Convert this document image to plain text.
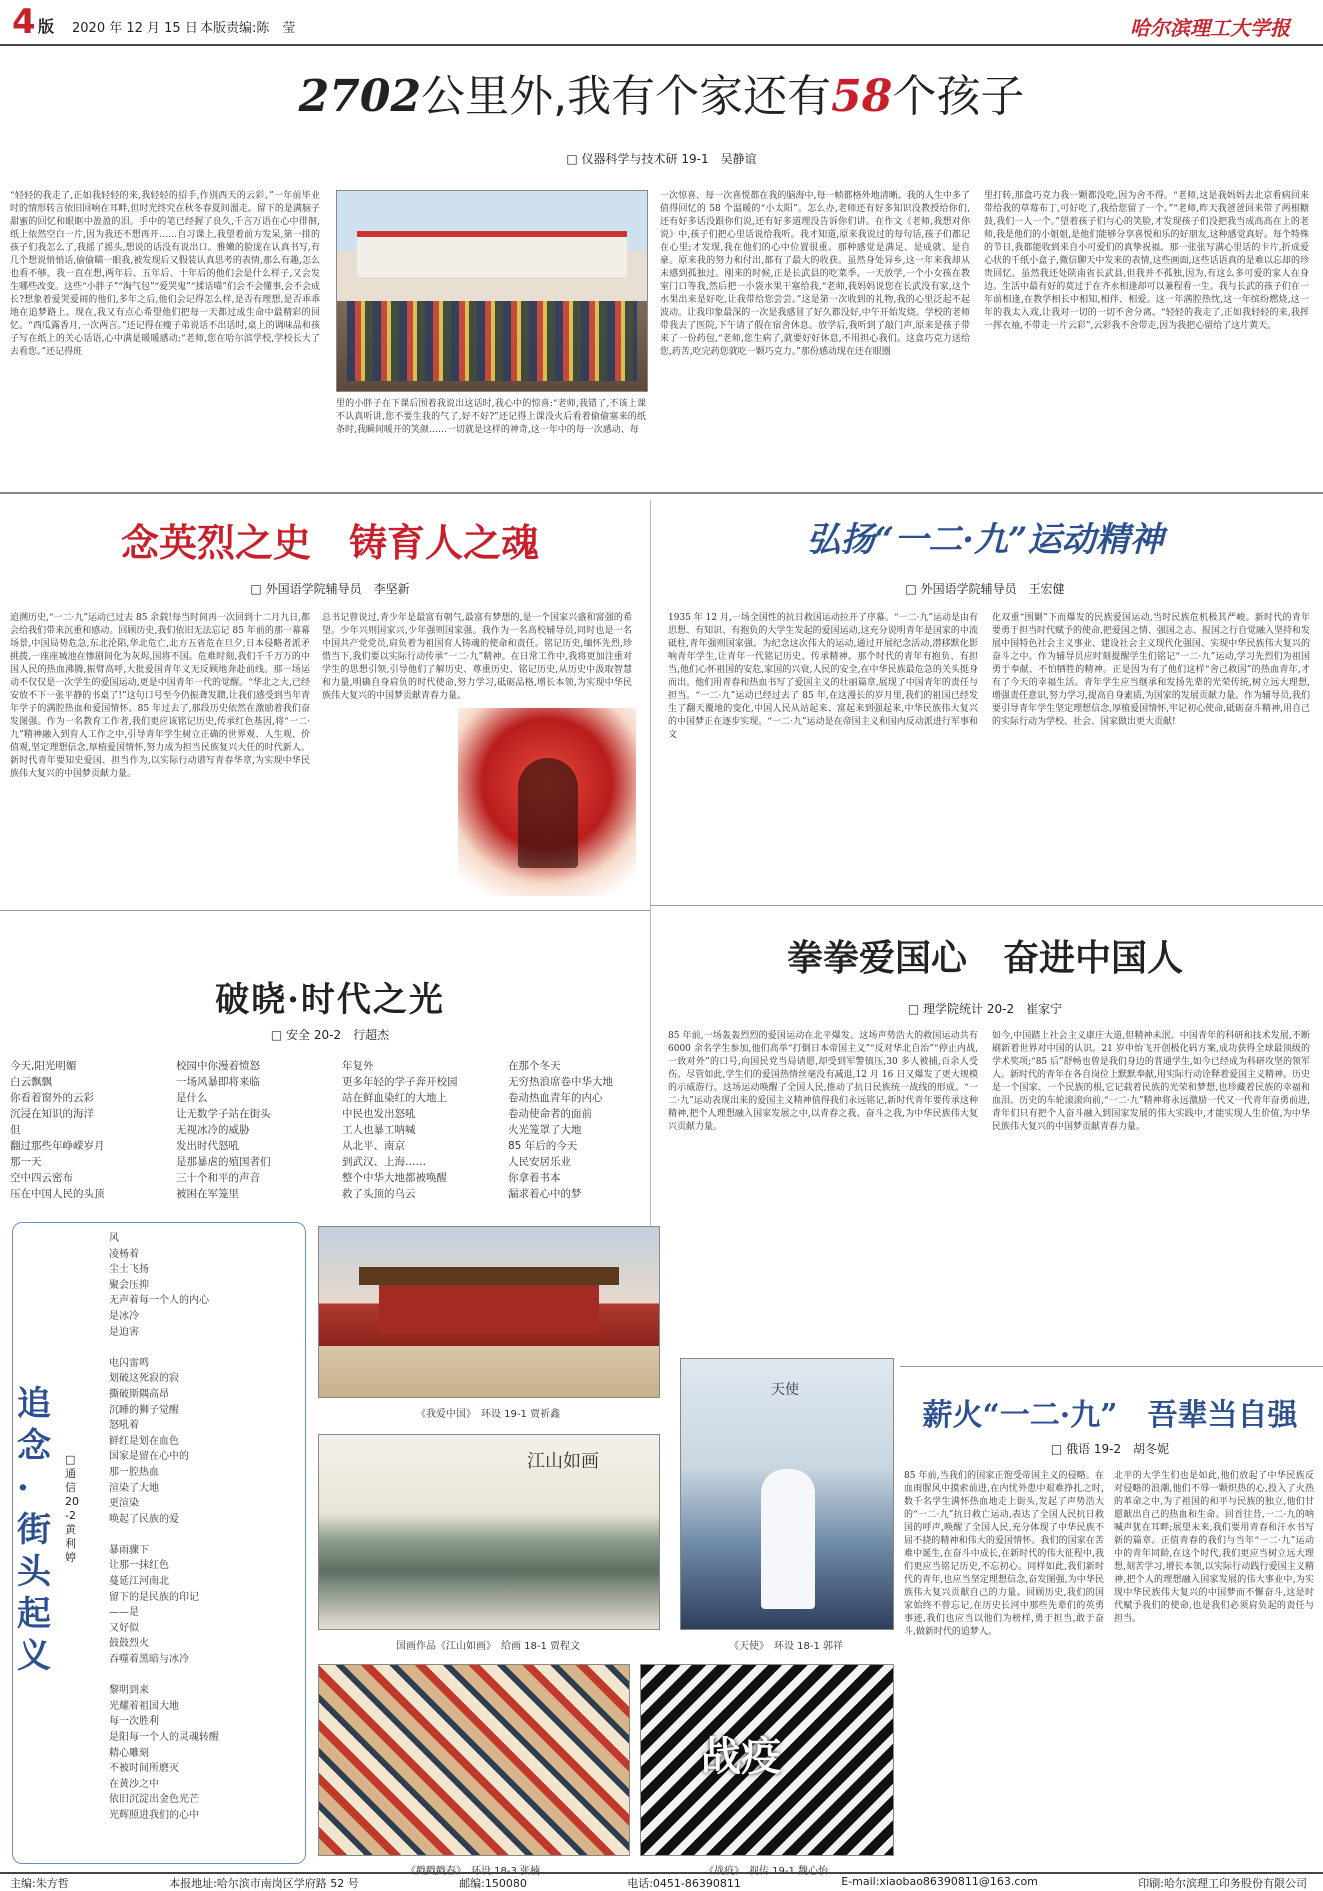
4 版 2020 年 12 月 15 日 本版责编:陈　莹	哈尔滨理工大学报
2702公里外,我有个家还有58个孩子
□ 仪器科学与技术研 19-1　吴静谊
“轻轻的我走了,正如我轻轻的来,我轻轻的招手,作别西天的云彩。”一年前毕业时的情形转言依旧回响在耳畔,但时光终究在秋冬春夏间溜走。留下的是满脑子甜蜜的回忆和眼眶中盈盈的泪。手中的笔已经握了良久,千言万语在心中徘徊,纸上依然空白一片,因为我还不想再开……自习课上,我望着前方发呆,第一排的孩子们我怎么了,我摇了摇头,想说的话没有说出口。雅嫩的脸庞在认真书写,有几个想说悄悄话,偷偷瞄一眼我,被发现后又假装认真思考的表情,那么有趣,怎么也看不够。我一直在想,两年后、五年后、十年后的他们会是什么样子,又会发生哪些改变。这些“小胖子”“淘气包”“爱哭鬼”“揉话喵”们会不会懂事,会不会成长?想象着爱哭爱闹的他们,多年之后,他们会记得怎么样,是否有理想,是否乖乖地在追梦路上。现在,我又有点心希望他们把每一天都过成生命中最精彩的回忆。“西瓜露香月,一次两言。”还记得在瘦子弟说话不出话时,桌上的调味品和孩子写在纸上的关心话语,心中满是暖暖感动;“老师,您在哈尔滨学校,学校长大了去看您。”还记得班
里的小胖子在下课后围着我说出这话时,我心中的惊喜:“老师,我错了,不该上课不认真听讲,您不要生我的气了,好不好?”还记得上课没火后看着偷偷塞来的纸条时,我瞬间暖开的笑颜……一切就是这样的神奇,这一年中的每一次感动、每
一次惊喜、每一次喜悦都在我的脑海中,每一帧都格外地清晰。我的人生中多了值得回忆的 58 个温暖的“小太阳”。怎么办,老师还有好多知识没教授给你们,还有好多话没跟你们说,还有好多道理没告诉你们讲。在作文《老师,我想对你说》中,孩子们把心里话说给我听。我才知道,原来我说过的每句话,孩子们都记在心里;才发现,我在他们的心中位置很重。那种感觉是满足、是成就、是自豪。原来我的努力和付出,都有了最大的收获。虽然身处异乡,这一年来我却从未感到孤独过。刚来的时候,正是长武县的吃菜季。一天放学,一个小女孩在教室门口等我,然后把一小袋水果干塞给我,“老师,我妈妈说您在长武没有家,这个水果出来是好吃,让我带给您尝尝。”这是第一次收到的礼物,我的心里泛起不起波动。让我印象最深的一次是我感冒了好久都没好,中午开始发烧。学校的老师带我去了医院,下午请了假在宿舍休息。放学后,我听到了敲门声,原来是孩子带来了一份药包,“老师,您生病了,就要好好休息,不用担心我们。这盒巧克力送给您,药苦,吃完药您就吃一颗巧克力。”那份感动现在还在眼圈
里打转,那盒巧克力我一颗都没吃,因为舍不得。“老师,这是我妈妈去北京看病回来带给我的草莓布丁,可好吃了,我给您留了一个。”“老师,昨天我爸爸回来带了两根糖鼓,我们一人一个。”望着孩子们与心的笑脸,才发现孩子们没把我当成高高在上的老师,我是他们的小姐姐,是他们能够分享喜悦和乐的好朋友,这种感觉真好。每个特殊的节日,我都能收到来自小可爱们的真挚祝福。那一张张写满心里话的卡片,折成爱心状的千纸小盒子,微信聊天中发来的表情,这些画面,这些话语真的是难以忘却的珍贵回忆。虽然我还处陕南省长武县,但我并不孤独,因为,有这么多可爱的家人在身边。生活中最有好的莫过于在齐水相逢却可以兼程看一生。我与长武的孩子们在一年前相逢,在教学相长中相知,相伴、相爱。这一年满腔热忱,这一年缤纷燃烧,这一年的我太入戏,让我对一切的一切不舍分离。“轻轻的我走了,正如我轻轻的来,我挥一挥衣袖,不带走一片云彩”,云彩我不舍带走,因为我把心留给了这片黄天。
念英烈之史　铸育人之魂
□ 外国语学院辅导员　李坚新
追溯历史,“一二·九”运动已过去 85 余载!每当时间再一次回到十二月九日,都会给我们带来沉重和感动。回顾历史,我们依旧无法忘记 85 年前的那一幕幕场景,中国局势危急,东北沦陷,华北危亡,北方五省危在旦夕,日本侵略者派矛挑拨,一座座城池在惨剧间化为灰烬,国将不国。危难时刻,我们千千万万的中国人民的热血沸腾,振臂高呼,大批爱国青年义无反顾地奔赴前线。那一场运动不仅仅是一次学生的爱国运动,更是中国青年一代的觉醒。“华北之大,已经安放不下一张平静的书桌了!”这句口号至今仍振聋发聩,让我们感受到当年青年学子的满腔热血和爱国情怀。85 年过去了,那段历史依然在激励着我们奋发图强。作为一名教育工作者,我们更应该铭记历史,传承红色基因,将“一二·九”精神融入到育人工作之中,引导青年学生树立正确的世界观、人生观、价值观,坚定理想信念,厚植爱国情怀,努力成为担当民族复兴大任的时代新人。新时代青年要知史爱国、担当作为,以实际行动谱写青春华章,为实现中华民族伟大复兴的中国梦贡献力量。
总书记曾说过,青少年是最富有朝气,最富有梦想的,是一个国家兴盛和富强的希望。少年兴则国家兴,少年强则国家强。我作为一名高校辅导员,同时也是一名中国共产党党员,肩负着为祖国育人铸魂的使命和责任。铭记历史,缅怀先烈,珍惜当下,我们要以实际行动传承“一二·九”精神。在日常工作中,我将更加注重对学生的思想引领,引导他们了解历史、尊重历史、铭记历史,从历史中汲取智慧和力量,明确自身肩负的时代使命,努力学习,砥砺品格,增长本领,为实现中华民族伟大复兴的中国梦贡献青春力量。
弘扬“一二·九”运动精神
□ 外国语学院辅导员　王宏健
1935 年 12 月,一场全国性的抗日救国运动拉开了序幕。“一二·九”运动是由有思想、有知识、有抱负的大学生发起的爱国运动,这充分说明青年是国家的中流砥柱,青年强则国家强。为纪念这次伟大的运动,通过开展纪念活动,潜移默化影响青年学生,让青年一代铭记历史、传承精神。那个时代的青年有抱负、有担当,他们心怀祖国的安危,家国的兴衰,人民的安全,在中华民族最危急的关头挺身而出。他们用青春和热血书写了爱国主义的壮丽篇章,展现了中国青年的责任与担当。“一二·九”运动已经过去了 85 年,在这漫长的岁月里,我们的祖国已经发生了翻天覆地的变化,中国人民从站起来、富起来到强起来,中华民族伟大复兴的中国梦正在逐步实现。“一二·九”运动是在帝国主义和国内反动派进行军事和文
化双重“围剿”下而爆发的民族爱国运动,当时民族危机极其严峻。新时代的青年要勇于担当时代赋予的使命,把爱国之情、强国之志、报国之行自觉融入坚持和发展中国特色社会主义事业、建设社会主义现代化强国、实现中华民族伟大复兴的奋斗之中。作为辅导员应时刻提醒学生们铭记“一二·九”运动,学习先烈们为祖国勇于奉献、不怕牺牲的精神。正是因为有了他们这样“舍己救国”的热血青年,才有了今天的幸福生活。青年学生应当继承和发扬先辈的光荣传统,树立远大理想,增强责任意识,努力学习,提高自身素质,为国家的发展贡献力量。作为辅导员,我们要引导青年学生坚定理想信念,厚植爱国情怀,牢记初心使命,砥砺奋斗精神,用自己的实际行动为学校、社会、国家做出更大贡献!
破晓·时代之光
□ 安全 20-2　行超杰
今天,阳光明媚
白云飘飘
你看着窗外的云彩
沉浸在知识的海洋
但
翻过那些年峥嵘岁月
那一天
空中四云密布
压在中国人民的头顶
校园中你漫着愤怒
一场风暴即将来临
是什么
让无数学子站在街头
无视冰冷的威胁
发出时代怒吼
是那暴虐的殖国者们
三十个和平的声音
被困在军笼里
年复外
更多年轻的学子奔开校园
站在鲜血染红的大地上
中民也发出怒吼
工人也暴工呐喊
从北平、南京
到武汉、上海……
整个中华大地都被唤醒
救了头顶的乌云
在那个冬天
无穷热浪席卷中华大地
卷动热血青年的内心
卷动使命者的面前
火光笼罩了大地
85 年后的今天
人民安居乐业
你拿着书本
漏求着心中的梦
拳拳爱国心　奋进中国人
□ 理学院统计 20-2　崔家宁
85 年前,一场轰轰烈烈的爱国运动在北平爆发。这场声势浩大的救国运动共有 6000 余名学生参加,他们高举“打倒日本帝国主义”“反对华北自治”“停止内战,一致对外”的口号,向国民党当局请愿,却受到军警镇压,30 多人被捕,百余人受伤。尽管如此,学生们的爱国热情丝毫没有减退,12 月 16 日又爆发了更大规模的示威游行。这场运动唤醒了全国人民,推动了抗日民族统一战线的形成。“一二·九”运动表现出来的爱国主义精神值得我们永远铭记,新时代青年要传承这种精神,把个人理想融入国家发展之中,以青春之我、奋斗之我,为中华民族伟大复兴贡献力量。
如今,中国踏上社会主义康庄大道,但精神未泯。中国青年的科研和技术发展,不断刷新着世界对中国的认识。21 岁申怡飞开创极化码方案,成功获得全球最顶级的学术奖项;“85 后”舒畅也曾是我们身边的普通学生,如今已经成为科研攻坚的领军人。新时代的青年在各自岗位上默默奉献,用实际行动诠释着爱国主义精神。历史是一个国家、一个民族的根,它记载着民族的光荣和梦想,也珍藏着民族的幸福和血泪。历史的车轮滚滚向前,“一二·九”精神将永远激励一代又一代青年奋勇前进,青年们只有把个人奋斗融入到国家发展的伟大实践中,才能实现人生价值,为中华民族伟大复兴的中国梦贡献青春力量。
追念·街头起义
□ 通信 20-2　黄利婷
风
凌杨着
尘土飞扬
聚会压抑
无声着每一个人的内心
是冰冷
是迫害

电闪雷鸣
划破这死寂的寂
撕破斯隅高昂
沉睡的狮子觉醒
怒吼着
鲜红是划在血色
国家是留在心中的
那一腔热血
渲染了大地
更渲染
唤起了民族的爱

暴雨骤下
让那一抹红色
蔓延江河南北
留下的是民族的印记
——是
又好似
鼓鼓烈火
吞噬着黑暗与冰冷

黎明到来
光耀着祖国大地
每一次胜利
是阳每一个人的灵魂转醒
精心雕刻
不被时间所磨灭
在黄沙之中
依旧沉淀出金色光芒
光辉照进我们的心中
《我爱中国》　环设 19-1 贾祈鑫
江山如画
国画作品《江山如画》　给画 18-1 贾程文
天使
《天使》　环设 18-1 郭祥
《戳戳戳春》　环设 18-3 张楠
战疫
《战疫》　视传 19-1 魏心怡
薪火“一二·九”　吾辈当自强
□ 俄语 19-2　胡冬妮
85 年前,当我们的国家正饱受帝国主义的侵略。在血雨腥风中摸索前进,在内忧外患中艰难挣扎之时,数千名学生满怀热血地走上街头,发起了声势浩大的“一二·九”抗日救亡运动,表达了全国人民抗日救国的呼声,唤醒了全国人民,充分体现了中华民族不屈不挠的精神和伟大的爱国情怀。我们的国家在苦难中诞生,在奋斗中成长,在新时代的伟大征程中,我们更应当铭记历史,不忘初心。同样如此,我们新时代的青年,也应当坚定理想信念,奋发图强,为中华民族伟大复兴贡献自己的力量。回顾历史,我们的国家始终不曾忘记,在历史长河中那些先辈们的英勇事迹,我们也应当以他们为榜样,勇于担当,敢于奋斗,做新时代的追梦人。
北平的大学生们也是如此,他们放起了中华民族反对侵略的浪潮,他们不辱一颗炽热的心,投入了火热的革命之中,为了祖国的和平与民族的独立,他们甘愿献出自己的热血和生命。回首往昔,一二·九的呐喊声犹在耳畔;展望未来,我们要用青春和汗水书写新的篇章。正值青春的我们与当年“一二·九”运动中的青年同龄,在这个时代,我们更应当树立远大理想,刻苦学习,增长本领,以实际行动践行爱国主义精神,把个人的理想融入国家发展的伟大事业中,为实现中华民族伟大复兴的中国梦而不懈奋斗,这是时代赋予我们的使命,也是我们必须肩负起的责任与担当。
主编:朱方哲	本报地址:哈尔滨市南岗区学府路 52 号	邮编:150080	电话:0451-86390811	E-mail:xiaobao86390811@163.com	印刷:哈尔滨理工印务股份有限公司
